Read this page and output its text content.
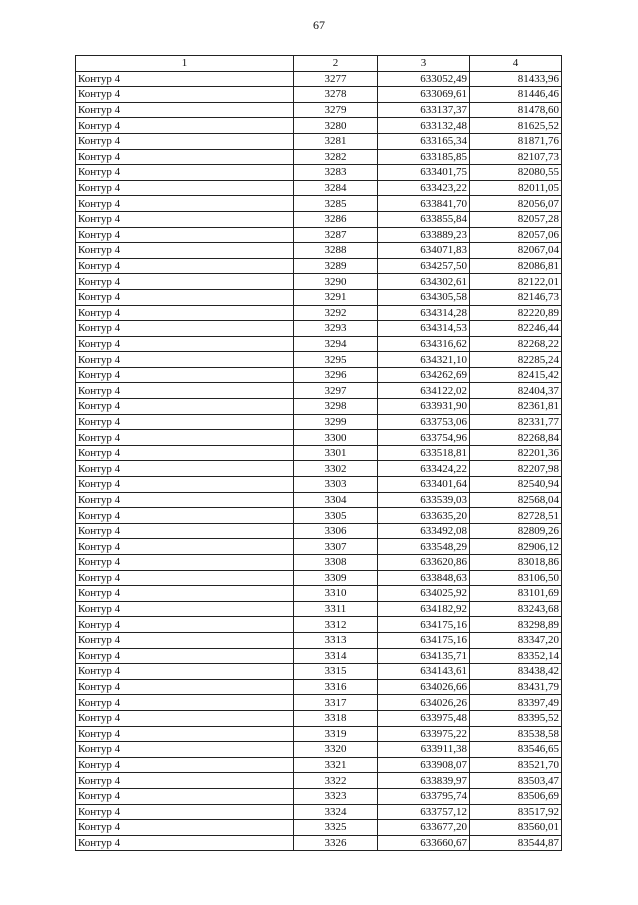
67
1	2	3	4
Контур 4	3277	633052,49	81433,96
Контур 4	3278	633069,61	81446,46
Контур 4	3279	633137,37	81478,60
Контур 4	3280	633132,48	81625,52
Контур 4	3281	633165,34	81871,76
Контур 4	3282	633185,85	82107,73
Контур 4	3283	633401,75	82080,55
Контур 4	3284	633423,22	82011,05
Контур 4	3285	633841,70	82056,07
Контур 4	3286	633855,84	82057,28
Контур 4	3287	633889,23	82057,06
Контур 4	3288	634071,83	82067,04
Контур 4	3289	634257,50	82086,81
Контур 4	3290	634302,61	82122,01
Контур 4	3291	634305,58	82146,73
Контур 4	3292	634314,28	82220,89
Контур 4	3293	634314,53	82246,44
Контур 4	3294	634316,62	82268,22
Контур 4	3295	634321,10	82285,24
Контур 4	3296	634262,69	82415,42
Контур 4	3297	634122,02	82404,37
Контур 4	3298	633931,90	82361,81
Контур 4	3299	633753,06	82331,77
Контур 4	3300	633754,96	82268,84
Контур 4	3301	633518,81	82201,36
Контур 4	3302	633424,22	82207,98
Контур 4	3303	633401,64	82540,94
Контур 4	3304	633539,03	82568,04
Контур 4	3305	633635,20	82728,51
Контур 4	3306	633492,08	82809,26
Контур 4	3307	633548,29	82906,12
Контур 4	3308	633620,86	83018,86
Контур 4	3309	633848,63	83106,50
Контур 4	3310	634025,92	83101,69
Контур 4	3311	634182,92	83243,68
Контур 4	3312	634175,16	83298,89
Контур 4	3313	634175,16	83347,20
Контур 4	3314	634135,71	83352,14
Контур 4	3315	634143,61	83438,42
Контур 4	3316	634026,66	83431,79
Контур 4	3317	634026,26	83397,49
Контур 4	3318	633975,48	83395,52
Контур 4	3319	633975,22	83538,58
Контур 4	3320	633911,38	83546,65
Контур 4	3321	633908,07	83521,70
Контур 4	3322	633839,97	83503,47
Контур 4	3323	633795,74	83506,69
Контур 4	3324	633757,12	83517,92
Контур 4	3325	633677,20	83560,01
Контур 4	3326	633660,67	83544,87
